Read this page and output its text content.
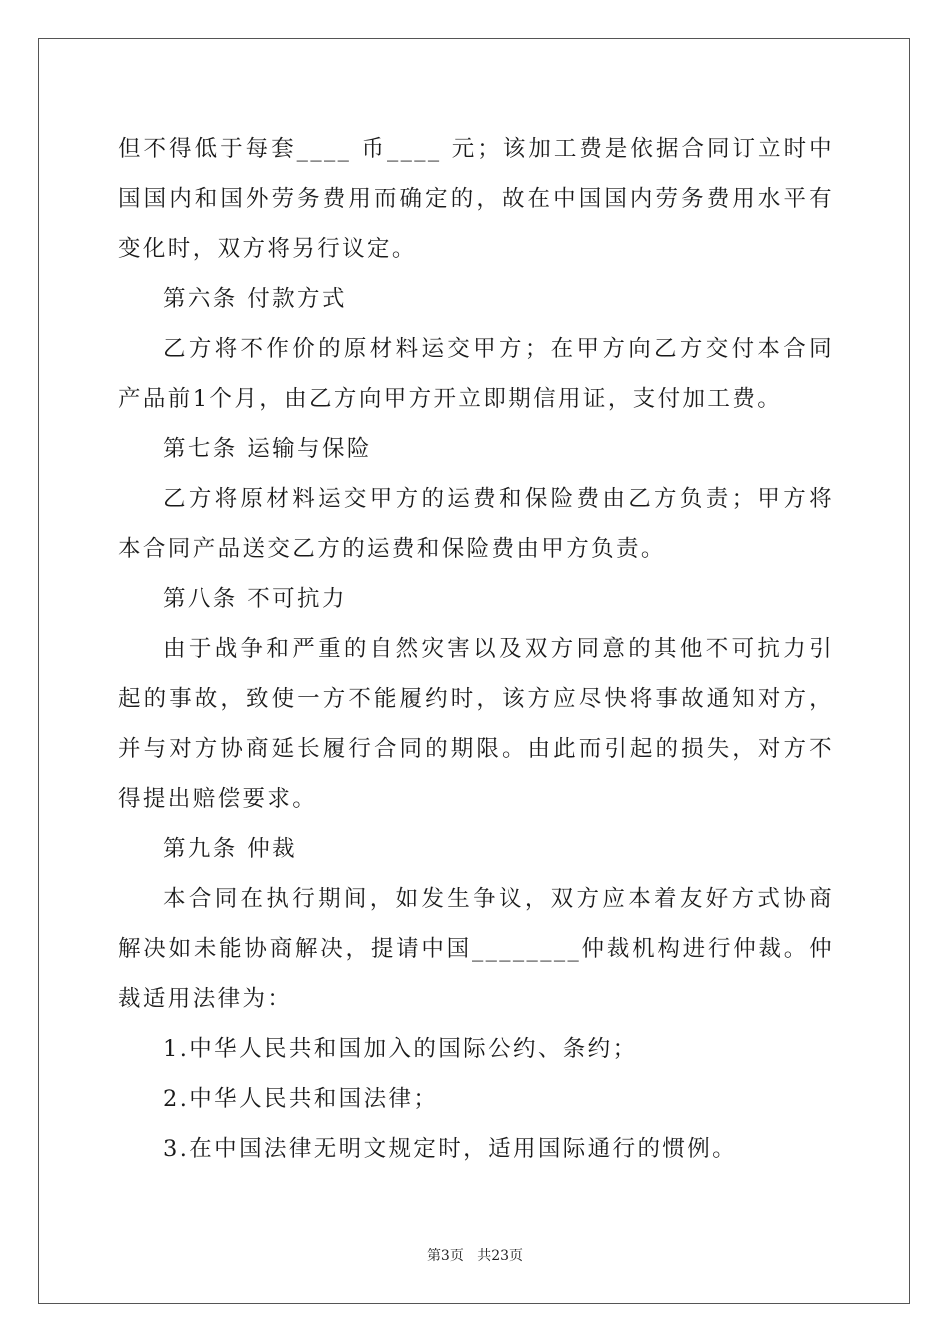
但不得低于每套____ 币____ 元；该加工费是依据合同订立时中国国内和国外劳务费用而确定的，故在中国国内劳务费用水平有变化时，双方将另行议定。

第六条 付款方式

乙方将不作价的原材料运交甲方；在甲方向乙方交付本合同产品前1个月，由乙方向甲方开立即期信用证，支付加工费。

第七条 运输与保险

乙方将原材料运交甲方的运费和保险费由乙方负责；甲方将本合同产品送交乙方的运费和保险费由甲方负责。

第八条 不可抗力

由于战争和严重的自然灾害以及双方同意的其他不可抗力引起的事故，致使一方不能履约时，该方应尽快将事故通知对方，并与对方协商延长履行合同的期限。由此而引起的损失，对方不得提出赔偿要求。

第九条 仲裁

本合同在执行期间，如发生争议，双方应本着友好方式协商解决如未能协商解决，提请中国________仲裁机构进行仲裁。仲裁适用法律为：

1.中华人民共和国加入的国际公约、条约；

2.中华人民共和国法律；

3.在中国法律无明文规定时，适用国际通行的惯例。

第3页 共23页
